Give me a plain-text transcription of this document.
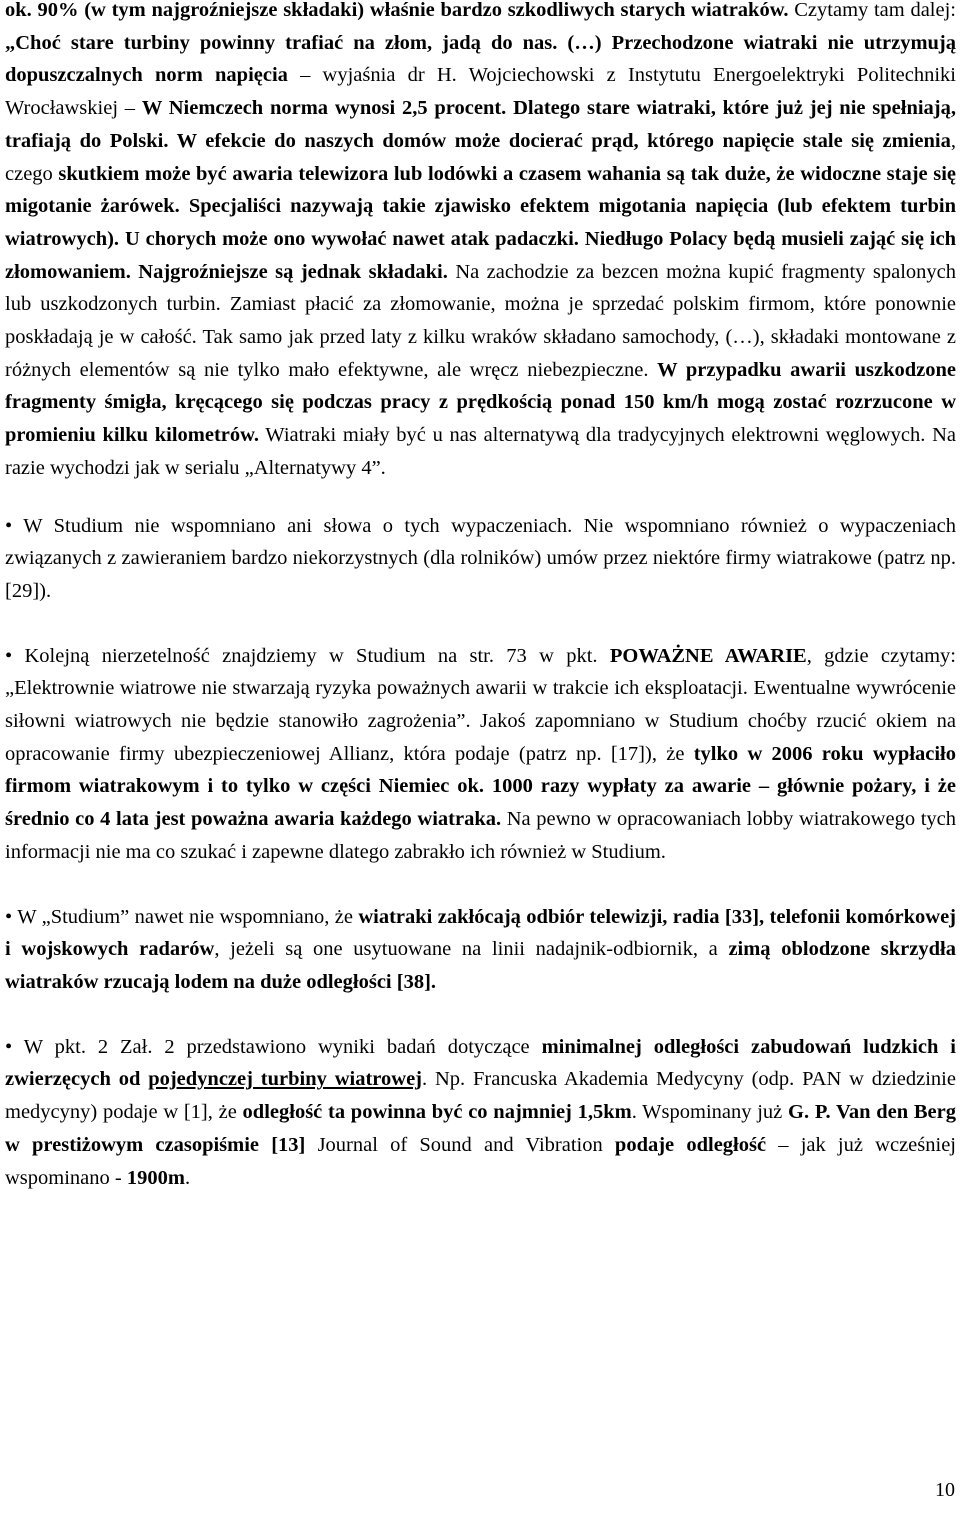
ok. 90% (w tym najgroźniejsze składaki) właśnie bardzo szkodliwych starych wiatraków. Czytamy tam dalej: „Choć stare turbiny powinny trafiać na złom, jadą do nas. (…) Przechodzone wiatraki nie utrzymują dopuszczalnych norm napięcia – wyjaśnia dr H. Wojciechowski z Instytutu Energoelektryki Politechniki Wrocławskiej – W Niemczech norma wynosi 2,5 procent. Dlatego stare wiatraki, które już jej nie spełniają, trafiają do Polski. W efekcie do naszych domów może docierać prąd, którego napięcie stale się zmienia, czego skutkiem może być awaria telewizora lub lodówki a czasem wahania są tak duże, że widoczne staje się migotanie żarówek. Specjaliści nazywają takie zjawisko efektem migotania napięcia (lub efektem turbin wiatrowych). U chorych może ono wywołać nawet atak padaczki. Niedługo Polacy będą musieli zająć się ich złomowaniem. Najgroźniejsze są jednak składaki. Na zachodzie za bezcen można kupić fragmenty spalonych lub uszkodzonych turbin. Zamiast płacić za złomowanie, można je sprzedać polskim firmom, które ponownie poskładają je w całość. Tak samo jak przed laty z kilku wraków składano samochody, (…), składaki montowane z różnych elementów są nie tylko mało efektywne, ale wręcz niebezpieczne. W przypadku awarii uszkodzone fragmenty śmigła, kręcącego się podczas pracy z prędkością ponad 150 km/h mogą zostać rozrzucone w promieniu kilku kilometrów. Wiatraki miały być u nas alternatywą dla tradycyjnych elektrowni węglowych. Na razie wychodzi jak w serialu „Alternatywy 4”.

• W Studium nie wspomniano ani słowa o tych wypaczeniach. Nie wspomniano również o wypaczeniach związanych z zawieraniem bardzo niekorzystnych (dla rolników) umów przez niektóre firmy wiatrakowe (patrz np. [29]).

• Kolejną nierzetelność znajdziemy w Studium na str. 73 w pkt. POWAŻNE AWARIE, gdzie czytamy: „Elektrownie wiatrowe nie stwarzają ryzyka poważnych awarii w trakcie ich eksploatacji. Ewentualne wywrócenie siłowni wiatrowych nie będzie stanowiło zagrożenia”. Jakoś zapomniano w Studium choćby rzucić okiem na opracowanie firmy ubezpieczeniowej Allianz, która podaje (patrz np. [17]), że tylko w 2006 roku wypłaciło firmom wiatrakowym i to tylko w części Niemiec ok. 1000 razy wypłaty za awarie – głównie pożary, i że średnio co 4 lata jest poważna awaria każdego wiatraka. Na pewno w opracowaniach lobby wiatrakowego tych informacji nie ma co szukać i zapewne dlatego zabrakło ich również w Studium.

• W „Studium” nawet nie wspomniano, że wiatraki zakłócają odbiór telewizji, radia [33], telefonii komórkowej i wojskowych radarów, jeżeli są one usytuowane na linii nadajnik-odbiornik, a zimą oblodzone skrzydła wiatraków rzucają lodem na duże odległości [38].

• W pkt. 2 Zał. 2 przedstawiono wyniki badań dotyczące minimalnej odległości zabudowań ludzkich i zwierzęcych od pojedynczej turbiny wiatrowej. Np. Francuska Akademia Medycyny (odp. PAN w dziedzinie medycyny) podaje w [1], że odległość ta powinna być co najmniej 1,5km. Wspominany już G. P. Van den Berg w prestiżowym czasopiśmie [13] Journal of Sound and Vibration podaje odległość – jak już wcześniej wspominano - 1900m.

10
